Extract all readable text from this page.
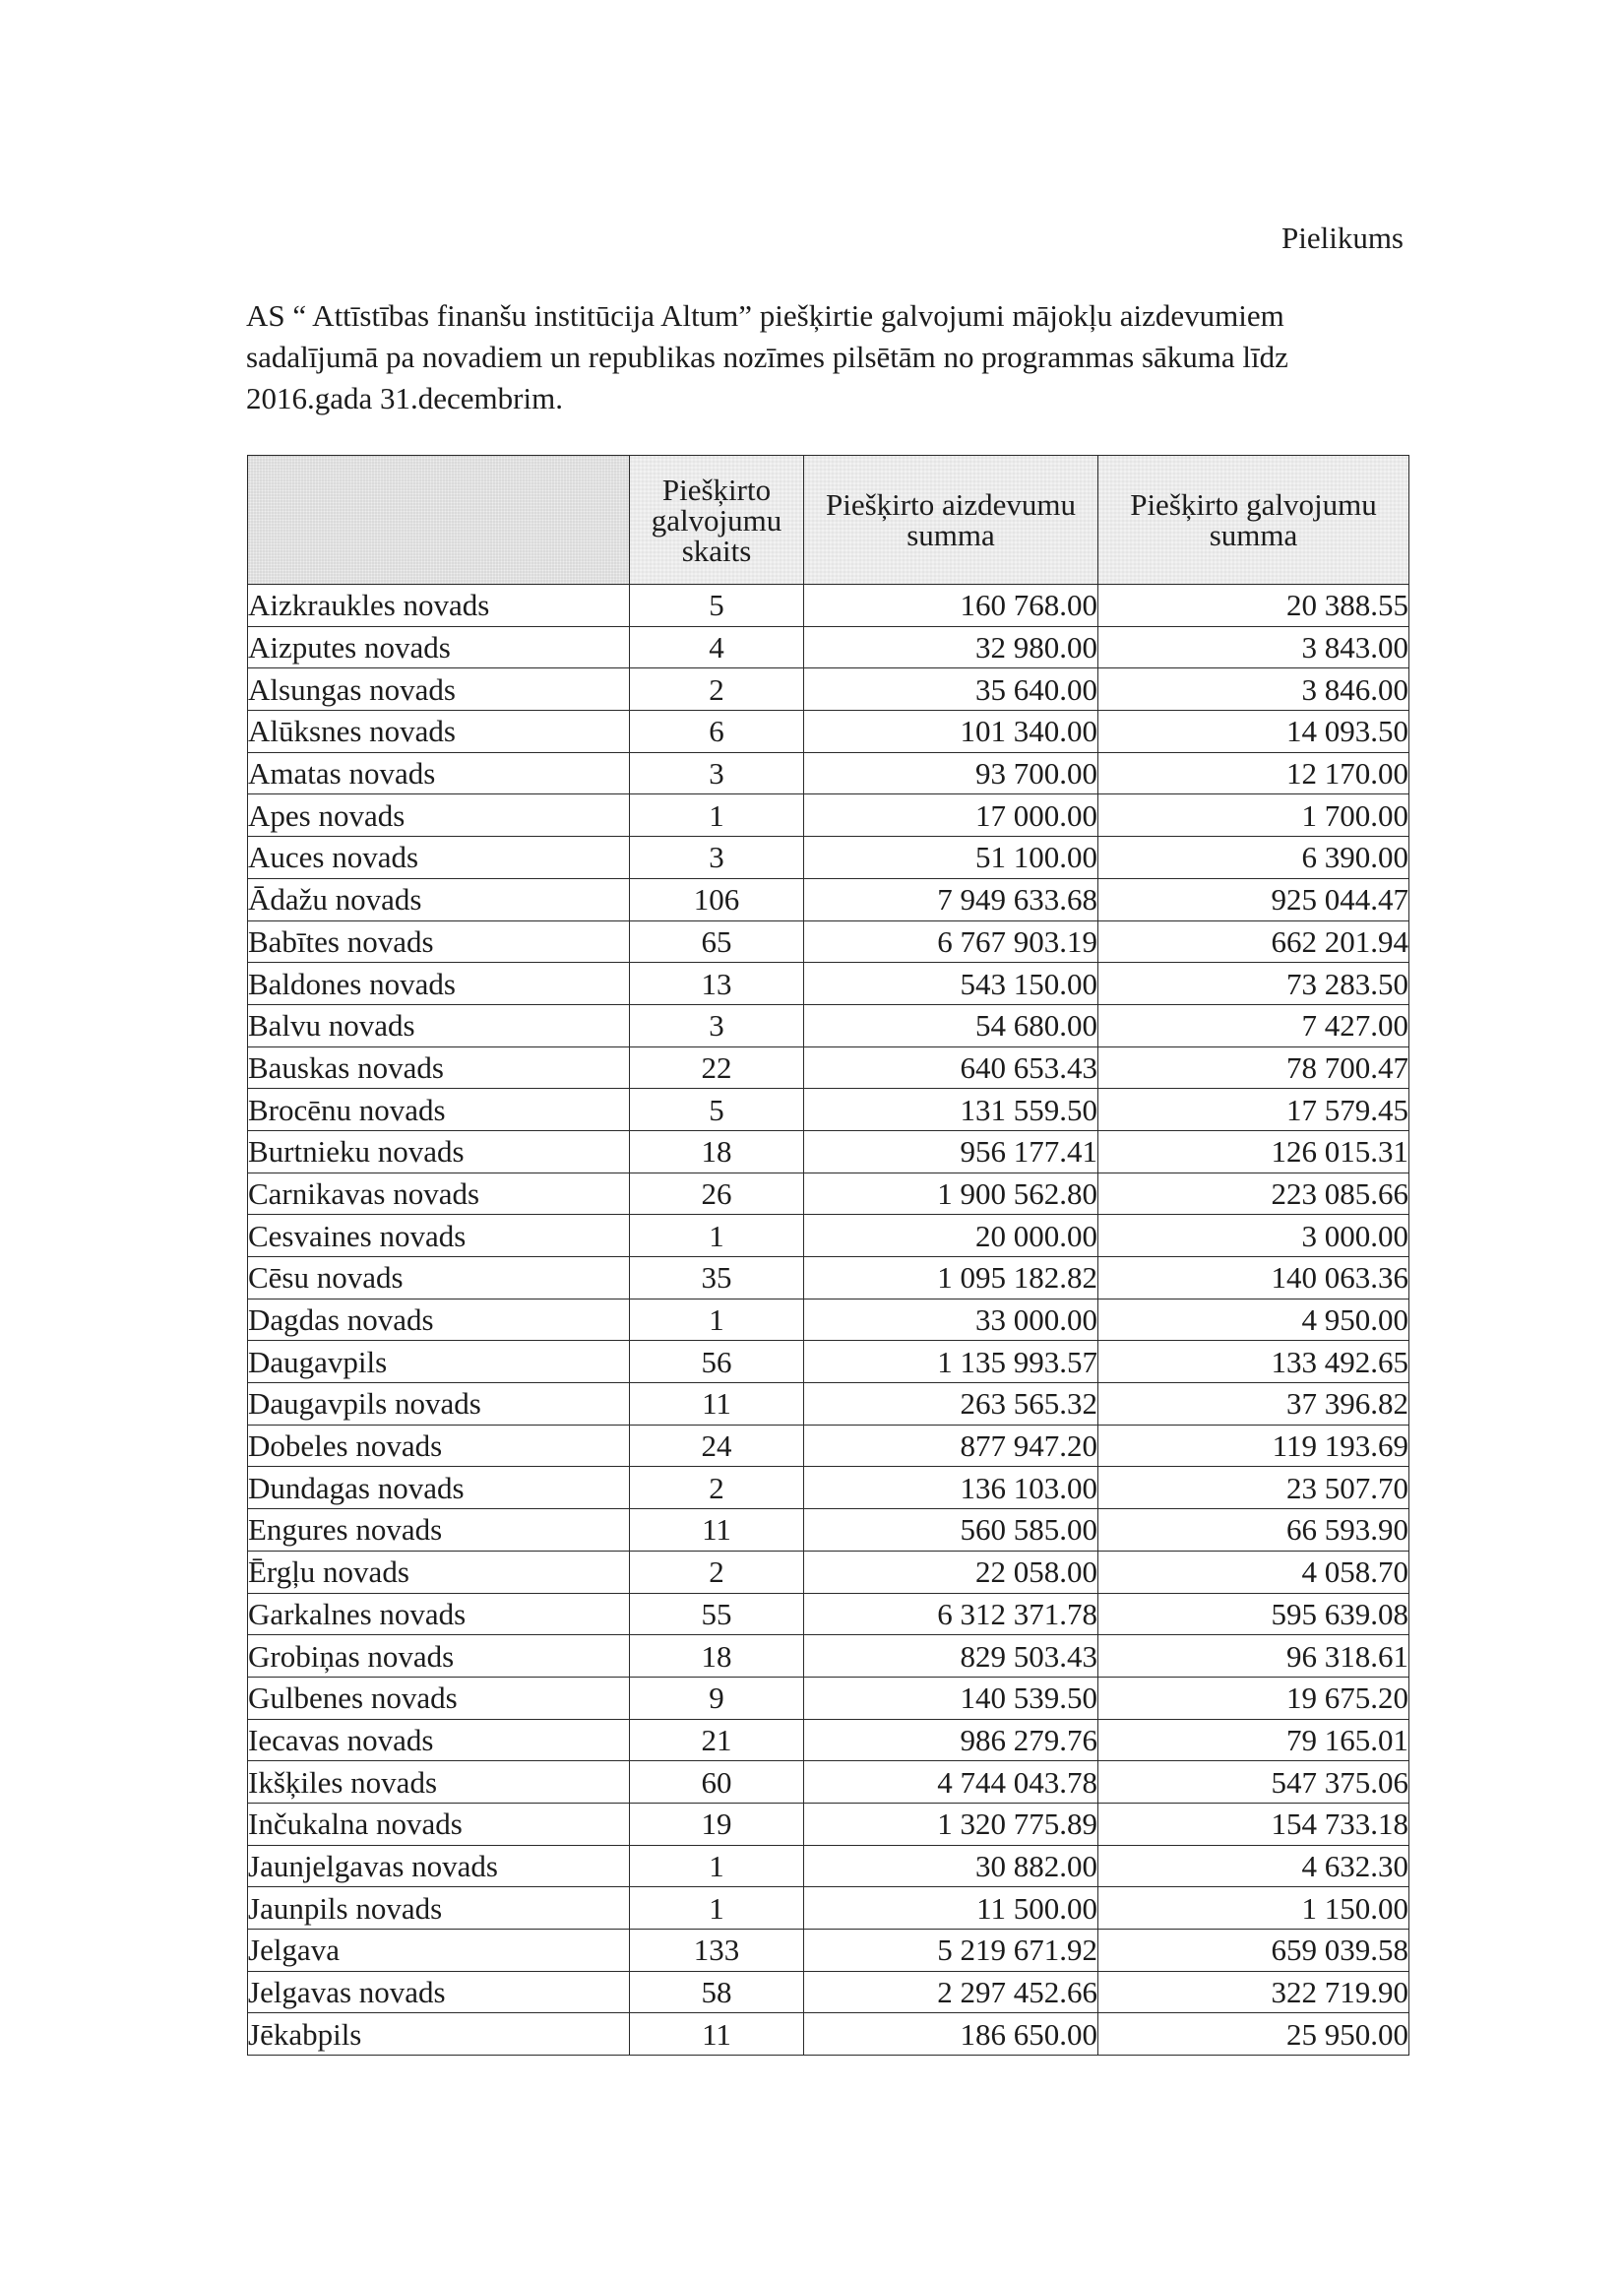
Pielikums

AS “ Attīstības finanšu institūcija Altum” piešķirtie galvojumi mājokļu aizdevumiem sadalījumā pa novadiem un republikas nozīmes pilsētām no programmas sākuma līdz 2016.gada 31.decembrim.

	Piešķirto galvojumu skaits	Piešķirto aizdevumu summa	Piešķirto galvojumu summa
Aizkraukles novads	5	160 768.00	20 388.55
Aizputes novads	4	32 980.00	3 843.00
Alsungas novads	2	35 640.00	3 846.00
Alūksnes novads	6	101 340.00	14 093.50
Amatas novads	3	93 700.00	12 170.00
Apes novads	1	17 000.00	1 700.00
Auces novads	3	51 100.00	6 390.00
Ādažu novads	106	7 949 633.68	925 044.47
Babītes novads	65	6 767 903.19	662 201.94
Baldones novads	13	543 150.00	73 283.50
Balvu novads	3	54 680.00	7 427.00
Bauskas novads	22	640 653.43	78 700.47
Brocēnu novads	5	131 559.50	17 579.45
Burtnieku novads	18	956 177.41	126 015.31
Carnikavas novads	26	1 900 562.80	223 085.66
Cesvaines novads	1	20 000.00	3 000.00
Cēsu novads	35	1 095 182.82	140 063.36
Dagdas novads	1	33 000.00	4 950.00
Daugavpils	56	1 135 993.57	133 492.65
Daugavpils novads	11	263 565.32	37 396.82
Dobeles novads	24	877 947.20	119 193.69
Dundagas novads	2	136 103.00	23 507.70
Engures novads	11	560 585.00	66 593.90
Ērgļu novads	2	22 058.00	4 058.70
Garkalnes novads	55	6 312 371.78	595 639.08
Grobiņas novads	18	829 503.43	96 318.61
Gulbenes novads	9	140 539.50	19 675.20
Iecavas novads	21	986 279.76	79 165.01
Ikšķiles novads	60	4 744 043.78	547 375.06
Inčukalna novads	19	1 320 775.89	154 733.18
Jaunjelgavas novads	1	30 882.00	4 632.30
Jaunpils novads	1	11 500.00	1 150.00
Jelgava	133	5 219 671.92	659 039.58
Jelgavas novads	58	2 297 452.66	322 719.90
Jēkabpils	11	186 650.00	25 950.00
